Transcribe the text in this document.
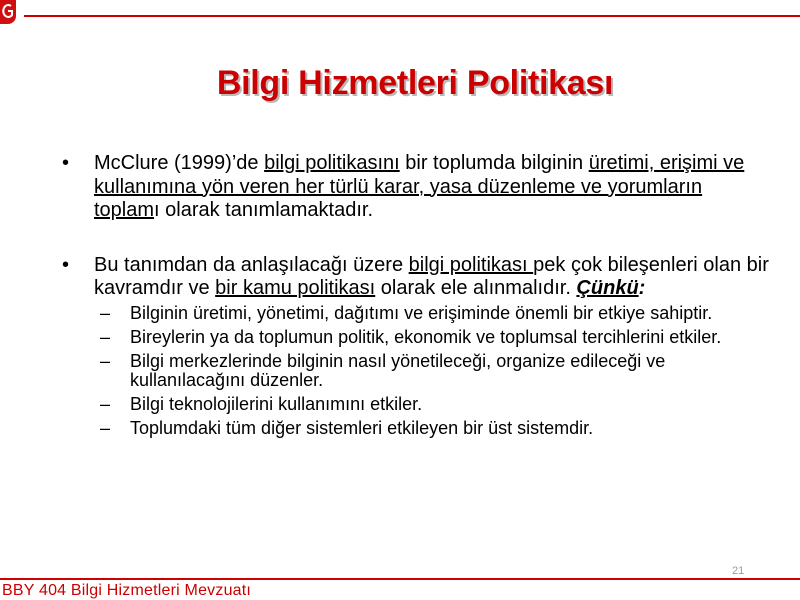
Bilgi Hizmetleri Politikası
• McClure (1999)’de bilgi politikasını bir toplumda bilginin üretimi, erişimi ve kullanımına yön veren her türlü karar, yasa düzenleme ve yorumların toplamı olarak tanımlamaktadır.
• Bu tanımdan da anlaşılacağı üzere bilgi politikası pek çok bileşenleri olan bir kavramdır ve bir kamu politikası olarak ele alınmalıdır. Çünkü:
– Bilginin üretimi, yönetimi, dağıtımı ve erişiminde önemli bir etkiye sahiptir.
– Bireylerin ya da toplumun politik, ekonomik ve toplumsal tercihlerini etkiler.
– Bilgi merkezlerinde bilginin nasıl yönetileceği, organize edileceği ve kullanılacağını düzenler.
– Bilgi teknolojilerini kullanımını etkiler.
– Toplumdaki tüm diğer sistemleri etkileyen bir üst sistemdir.
21
BBY 404 Bilgi Hizmetleri Mevzuatı
